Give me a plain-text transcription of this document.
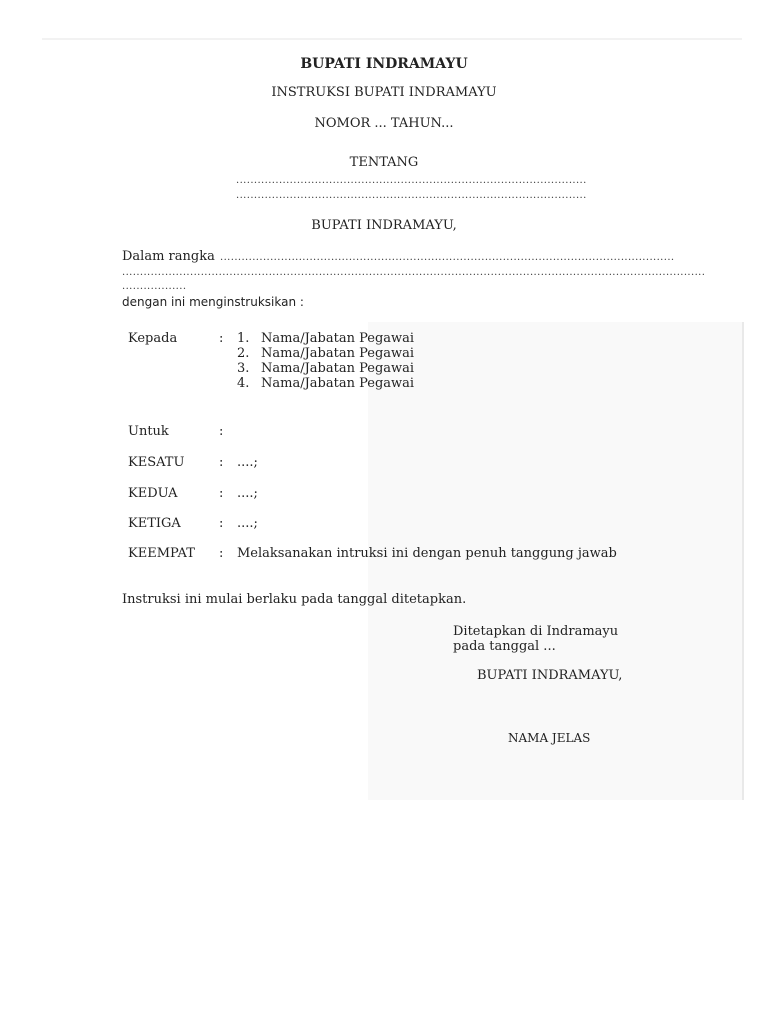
BUPATI INDRAMAYU
INSTRUKSI BUPATI INDRAMAYU
NOMOR ... TAHUN...
TENTANG
..................................................................................................
..................................................................................................
BUPATI INDRAMAYU,
Dalam rangka ...............................................................................................................................
...................................................................................................................................................................
..................
dengan ini menginstruksikan :
Kepada	: 1. Nama/Jabatan Pegawai
2. Nama/Jabatan Pegawai
3. Nama/Jabatan Pegawai
4. Nama/Jabatan Pegawai
Untuk	:
KESATU	: ....;
KEDUA	: ....;
KETIGA	: ....;
KEEMPAT : Melaksanakan intruksi ini dengan penuh tanggung jawab
Instruksi ini mulai berlaku pada tanggal ditetapkan.
Ditetapkan di Indramayu
pada tanggal ...
BUPATI INDRAMAYU,
NAMA JELAS
